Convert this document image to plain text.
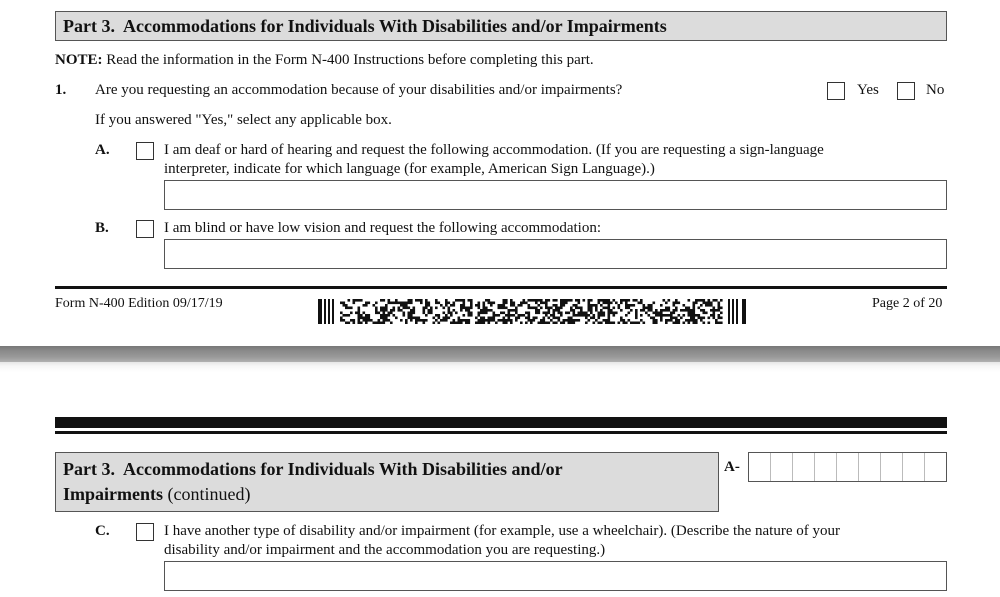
Part 3.  Accommodations for Individuals With Disabilities and/or Impairments
NOTE: Read the information in the Form N-400 Instructions before completing this part.
1. Are you requesting an accommodation because of your disabilities and/or impairments?	Yes	No
If you answered "Yes," select any applicable box.
A.	I am deaf or hard of hearing and request the following accommodation. (If you are requesting a sign-language
interpreter, indicate for which language (for example, American Sign Language).)
B.	I am blind or have low vision and request the following accommodation:
Form N-400 Edition 09/17/19	Page 2 of 20
Part 3.  Accommodations for Individuals With Disabilities and/or
Impairments (continued)
A-
C.	I have another type of disability and/or impairment (for example, use a wheelchair). (Describe the nature of your
disability and/or impairment and the accommodation you are requesting.)
